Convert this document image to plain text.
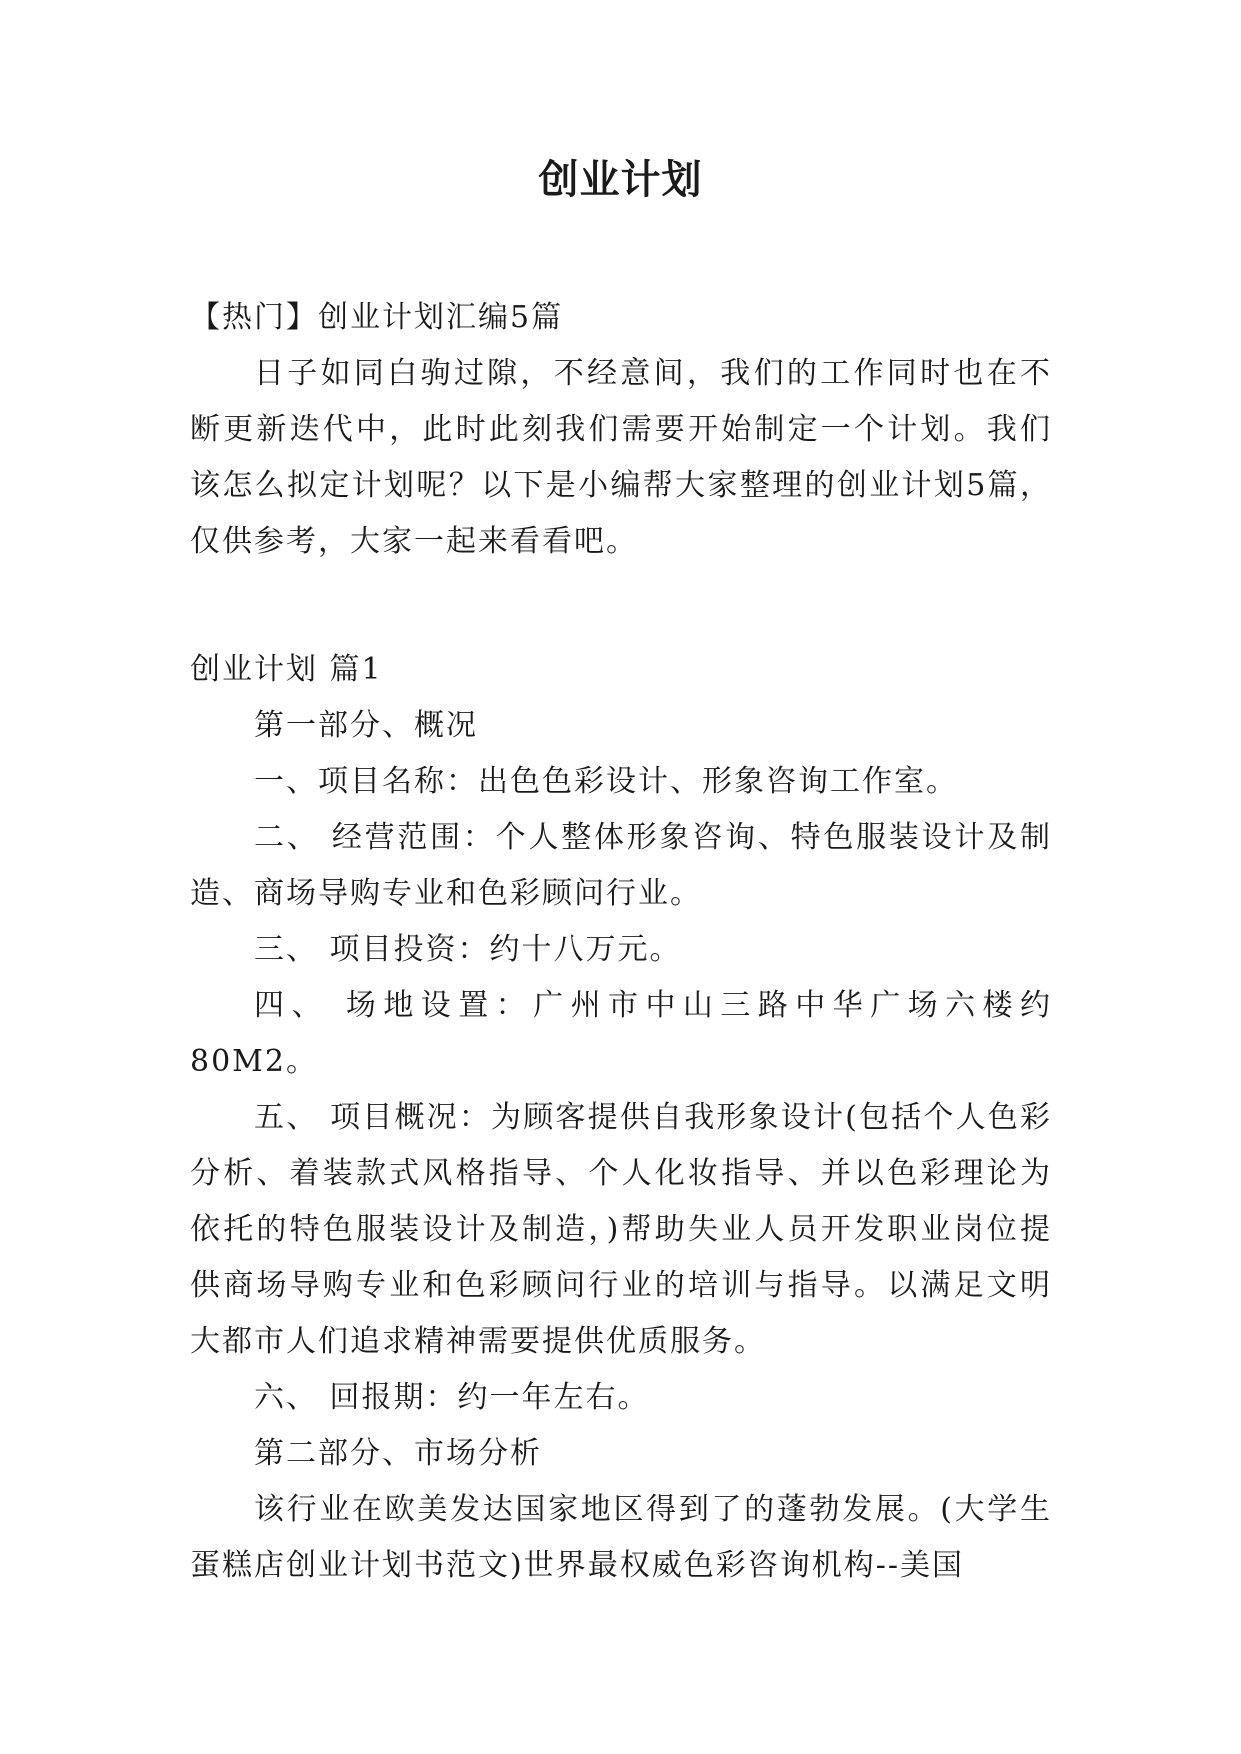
创业计划

【热门】创业计划汇编5篇

日子如同白驹过隙，不经意间，我们的工作同时也在不断更新迭代中，此时此刻我们需要开始制定一个计划。我们该怎么拟定计划呢？以下是小编帮大家整理的创业计划5篇，仅供参考，大家一起来看看吧。

创业计划 篇1

第一部分、概况

一、项目名称：出色色彩设计、形象咨询工作室。

二、 经营范围：个人整体形象咨询、特色服装设计及制造、商场导购专业和色彩顾问行业。

三、 项目投资：约十八万元。

四、 场地设置：广州市中山三路中华广场六楼约80M2。

五、 项目概况：为顾客提供自我形象设计(包括个人色彩分析、着装款式风格指导、个人化妆指导、并以色彩理论为依托的特色服装设计及制造，)帮助失业人员开发职业岗位提供商场导购专业和色彩顾问行业的培训与指导。以满足文明大都市人们追求精神需要提供优质服务。

六、 回报期：约一年左右。

第二部分、市场分析

该行业在欧美发达国家地区得到了的蓬勃发展。(大学生蛋糕店创业计划书范文)世界最权威色彩咨询机构--美国
